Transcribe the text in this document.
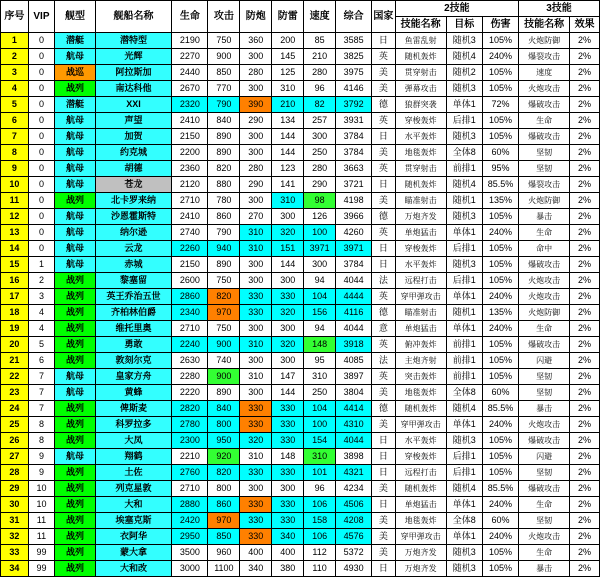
序号	VIP	舰型	舰船名称	生命	攻击	防炮	防雷	速度	综合	国家	2技能			3技能	
											技能名称	目标	伤害	技能名称	效果
1	0	潜艇	潜特型	2190	750	360	200	85	3585	日	鱼雷乱射	随机3	105%	火炮防御	2%
2	0	航母	光辉	2270	900	300	145	210	3825	英	随机轰炸	随机4	240%	爆裂攻击	2%
3	0	战巡	阿拉斯加	2440	850	280	125	280	3975	美	贯穿射击	随机2	105%	速度	2%
4	0	战列	南达科他	2670	770	300	310	96	4146	美	弹幕攻击	随机3	105%	火炮攻击	2%
5	0	潜艇	XXI	2320	790	390	210	82	3792	德	狼群突袭	单体1	72%	爆破攻击	2%
6	0	航母	声望	2410	840	290	134	257	3931	英	穿梭轰炸	后排1	105%	生命	2%
7	0	航母	加贺	2150	890	300	144	300	3784	日	水平轰炸	随机3	105%	爆破攻击	2%
8	0	航母	约克城	2200	890	300	144	250	3784	美	地毯轰炸	全体8	60%	坚韧	2%
9	0	航母	胡德	2360	820	280	123	280	3663	英	贯穿射击	前排1	95%	坚韧	2%
10	0	航母	苍龙	2120	880	290	141	290	3721	日	随机轰炸	随机4	85.5%	爆裂攻击	2%
11	0	战列	北卡罗来纳	2710	780	300	310	98	4198	美	瞄准射击	随机1	135%	火炮防御	2%
12	0	航母	沙恩霍斯特	2410	860	270	300	126	3966	德	万炮齐发	随机3	105%	暴击	2%
13	0	航母	纳尔逊	2740	790	310	320	100	4260	英	单炮猛击	单体1	240%	生命	2%
14	0	航母	云龙	2260	940	310	151	3971	3971	日	穿梭轰炸	后排1	105%	命中	2%
15	1	航母	赤城	2150	890	300	144	300	3784	日	水平轰炸	随机3	105%	爆破攻击	2%
16	2	战列	黎塞留	2600	750	300	300	94	4044	法	远程打击	后排1	105%	火炮攻击	2%
17	3	战列	英王乔治五世	2860	820	330	330	104	4444	英	穿甲弹攻击	单体1	240%	火炮攻击	2%
18	4	战列	齐柏林伯爵	2340	970	330	320	156	4116	德	瞄准射击	随机1	135%	火炮防御	2%
19	4	战列	维托里奥	2710	750	300	300	94	4044	意	单炮猛击	单体1	240%	生命	2%
20	5	战列	勇敢	2240	900	310	320	148	3918	英	俯冲轰炸	前排1	105%	爆破攻击	2%
21	6	战列	敦刻尔克	2630	740	300	300	95	4085	法	主炮齐射	前排1	105%	闪避	2%
22	7	航母	皇家方舟	2280	900	310	147	310	3897	英	突击轰炸	前排1	105%	坚韧	2%
23	7	航母	黄蜂	2220	890	300	144	250	3804	美	地毯轰炸	全体8	60%	坚韧	2%
24	7	战列	俾斯麦	2820	840	330	330	104	4414	德	随机轰炸	随机4	85.5%	暴击	2%
25	8	战列	科罗拉多	2780	800	330	330	100	4310	美	穿甲弹攻击	单体1	240%	火炮攻击	2%
26	8	战列	大凤	2300	950	320	330	154	4044	日	水平轰炸	随机3	105%	爆破攻击	2%
27	9	航母	翔鹤	2210	920	310	148	310	3898	日	穿梭轰炸	后排1	105%	闪避	2%
28	9	战列	土佐	2760	820	330	330	101	4321	日	远程打击	后排1	105%	坚韧	2%
29	10	战列	列克星敦	2710	800	300	300	96	4234	美	随机轰炸	随机4	85.5%	爆破攻击	2%
30	10	战列	大和	2880	860	330	330	106	4506	日	单炮猛击	单体1	240%	生命	2%
31	11	战列	埃塞克斯	2420	970	330	330	158	4208	美	地毯轰炸	全体8	60%	坚韧	2%
32	11	战列	衣阿华	2950	850	330	340	106	4576	美	穿甲弹攻击	单体1	240%	火炮攻击	2%
33	99	战列	蒙大拿	3500	960	400	400	112	5372	美	万炮齐发	随机3	105%	生命	2%
34	99	战列	大和改	3000	1100	340	380	110	4930	日	万炮齐发	随机3	105%	暴击	2%
